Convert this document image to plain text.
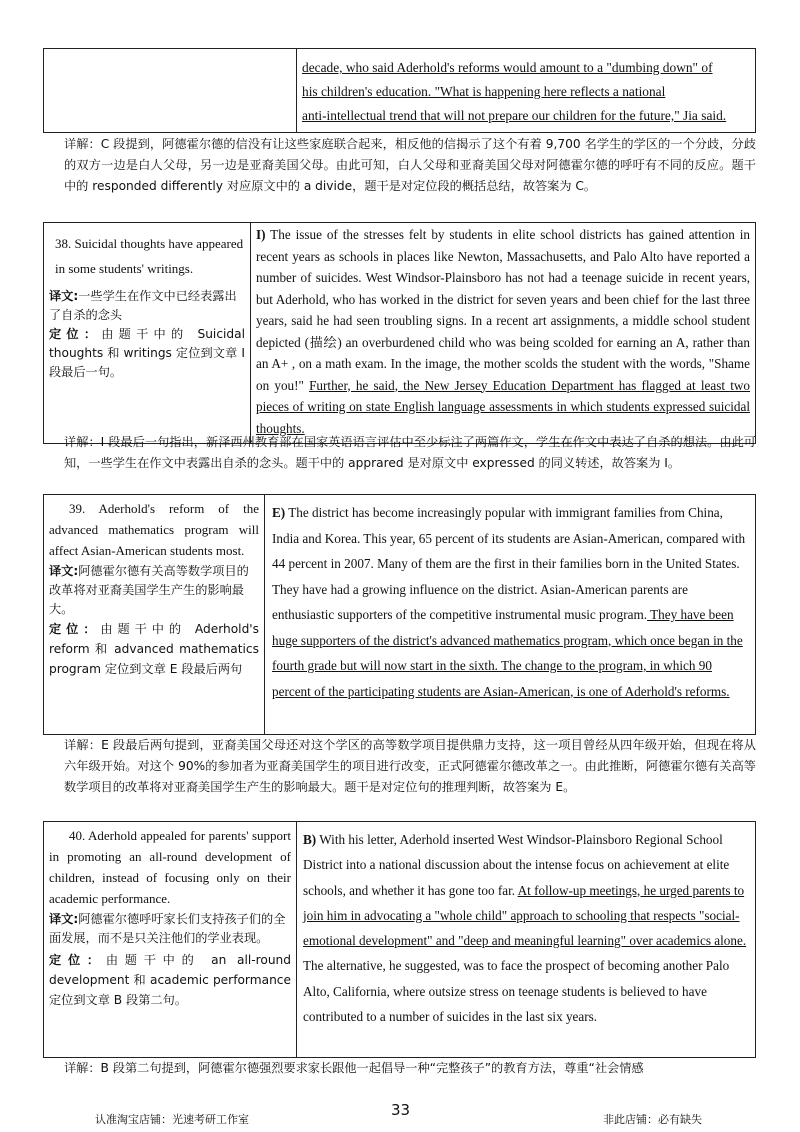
decade, who said Aderhold's reforms would amount to a "dumbing down" of
his children's education. "What is happening here reflects a national
anti-intellectual trend that will not prepare our children for the future," Jia said.
详解：C 段提到，阿德霍尔德的信没有让这些家庭联合起来，相反他的信揭示了这个有着 9,700 名学生的学区的一个分歧，分歧的双方一边是白人父母，另一边是亚裔美国父母。由此可知，白人父母和亚裔美国父母对阿德霍尔德的呼吁有不同的反应。题干中的 responded differently 对应原文中的 a divide，题干是对定位段的概括总结，故答案为 C。
38. Suicidal thoughts have appeared in some students' writings.
译文:一些学生在作文中已经表露出了自杀的念头
定位：由题干中的 Suicidal thoughts 和 writings 定位到文章 I 段最后一句。
	I) The issue of the stresses felt by students in elite school districts has gained attention in recent years as schools in places like Newton, Massachusetts, and Palo Alto have reported a number of suicides. West Windsor-Plainsboro has not had a teenage suicide in recent years, but Aderhold, who has worked in the district for seven years and been chief for the last three years, said he had seen troubling signs. In a recent art assignments, a middle school student depicted (描绘) an overburdened child who was being scolded for earning an A, rather than an A+ , on a math exam. In the image, the mother scolds the student with the words, "Shame on you!" Further, he said, the New Jersey Education Department has flagged at least two pieces of writing on state English language assessments in which students expressed suicidal thoughts.
详解：I 段最后一句指出，新泽西州教育部在国家英语语言评估中至少标注了两篇作文，学生在作文中表达了自杀的想法。由此可知，一些学生在作文中表露出自杀的念头。题干中的 apprared 是对原文中 expressed 的同义转述，故答案为 I。
39. Aderhold's reform of the advanced mathematics program will affect Asian-American students most.
译文:阿德霍尔德有关高等数学项目的改革将对亚裔美国学生产生的影响最大。
定位：由题干中的 Aderhold's reform 和 advanced mathematics program 定位到文章 E 段最后两句
	E) The district has become increasingly popular with immigrant families from China, India and Korea. This year, 65 percent of its students are Asian-American, compared with 44 percent in 2007. Many of them are the first in their families born in the United States. They have had a growing influence on the district. Asian-American parents are enthusiastic supporters of the competitive instrumental music program. They have been huge supporters of the district's advanced mathematics program, which once began in the fourth grade but will now start in the sixth. The change to the program, in which 90 percent of the participating students are Asian-American, is one of Aderhold's reforms.
详解：E 段最后两句提到，亚裔美国父母还对这个学区的高等数学项目提供鼎力支持，这一项目曾经从四年级开始，但现在将从六年级开始。对这个 90%的参加者为亚裔美国学生的项目进行改变，正式阿德霍尔德改革之一。由此推断，阿德霍尔德有关高等数学项目的改革将对亚裔美国学生产生的影响最大。题干是对定位句的推理判断，故答案为 E。
40. Aderhold appealed for parents' support in promoting an all-round development of children, instead of focusing only on their academic performance.
译文:阿德霍尔德呼吁家长们支持孩子们的全面发展，而不是只关注他们的学业表现。
定位：由题干中的 an all-round development 和 academic performance 定位到文章 B 段第二句。
	B) With his letter, Aderhold inserted West Windsor-Plainsboro Regional School District into a national discussion about the intense focus on achievement at elite schools, and whether it has gone too far. At follow-up meetings, he urged parents to join him in advocating a "whole child" approach to schooling that respects "social-emotional development" and "deep and meaningful learning" over academics alone. The alternative, he suggested, was to face the prospect of becoming another Palo Alto, California, where outsize stress on teenage students is believed to have contributed to a number of suicides in the last six years.
详解：B 段第二句提到，阿德霍尔德强烈要求家长跟他一起倡导一种“完整孩子”的教育方法，尊重“社会情感
认准淘宝店铺：光速考研工作室
33
非此店铺：必有缺失
